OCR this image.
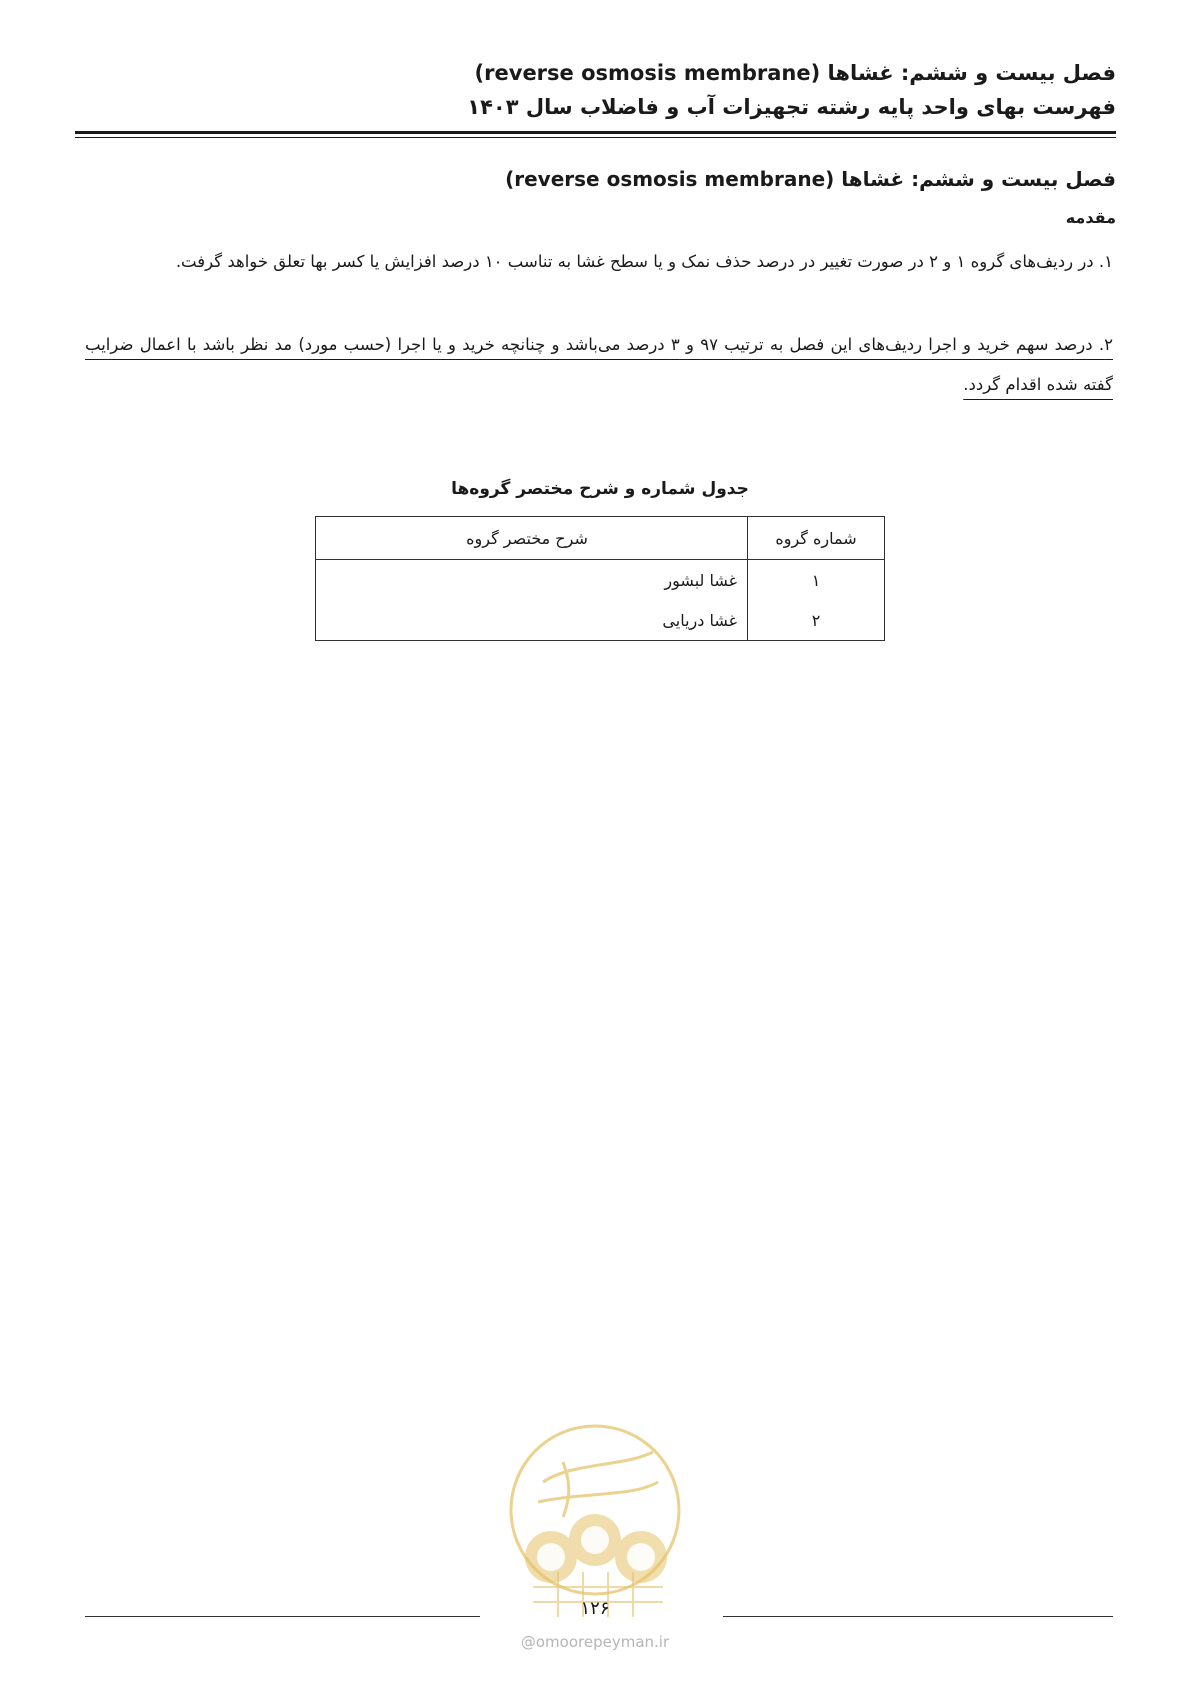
فصل بیست و ششم: غشاها (reverse osmosis membrane)
فهرست بهای واحد پایه رشته تجهیزات آب و فاضلاب سال ۱۴۰۳
فصل بیست و ششم: غشاها (reverse osmosis membrane)
مقدمه
۱. در ردیف‌های گروه ۱ و ۲ در صورت تغییر در درصد حذف نمک و یا سطح غشا به تناسب ۱۰ درصد افزایش یا کسر بها تعلق خواهد گرفت.
۲. درصد سهم خرید و اجرا ردیف‌های این فصل به ترتیب ۹۷ و ۳ درصد می‌باشد و چنانچه خرید و یا اجرا (حسب مورد) مد نظر باشد با اعمال ضرایب گفته شده اقدام گردد.
جدول شماره و شرح مختصر گروه‌ها
شماره گروه	شرح مختصر گروه
۱	غشا لبشور
۲	غشا دریایی
۱۲۶
@omoorepeyman.ir
